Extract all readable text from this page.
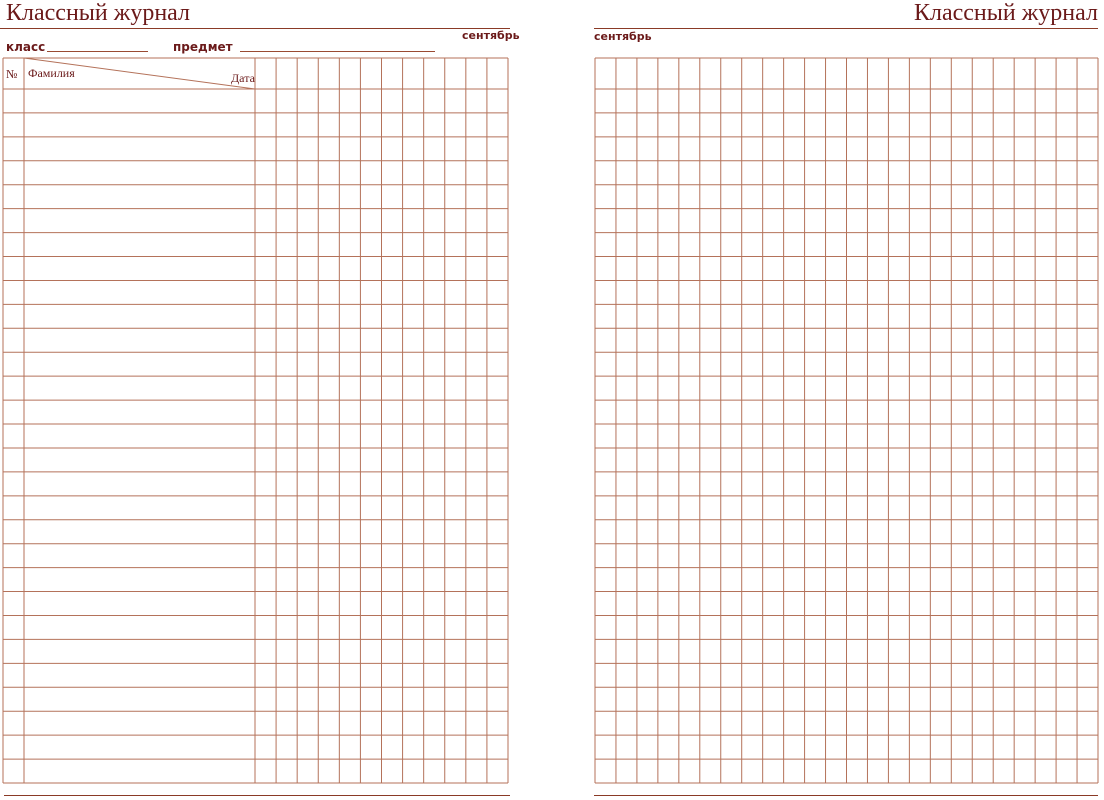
Классный журнал
сентябрь
класс	предмет
№ Фамилия	Дата
Классный журнал
сентябрь
